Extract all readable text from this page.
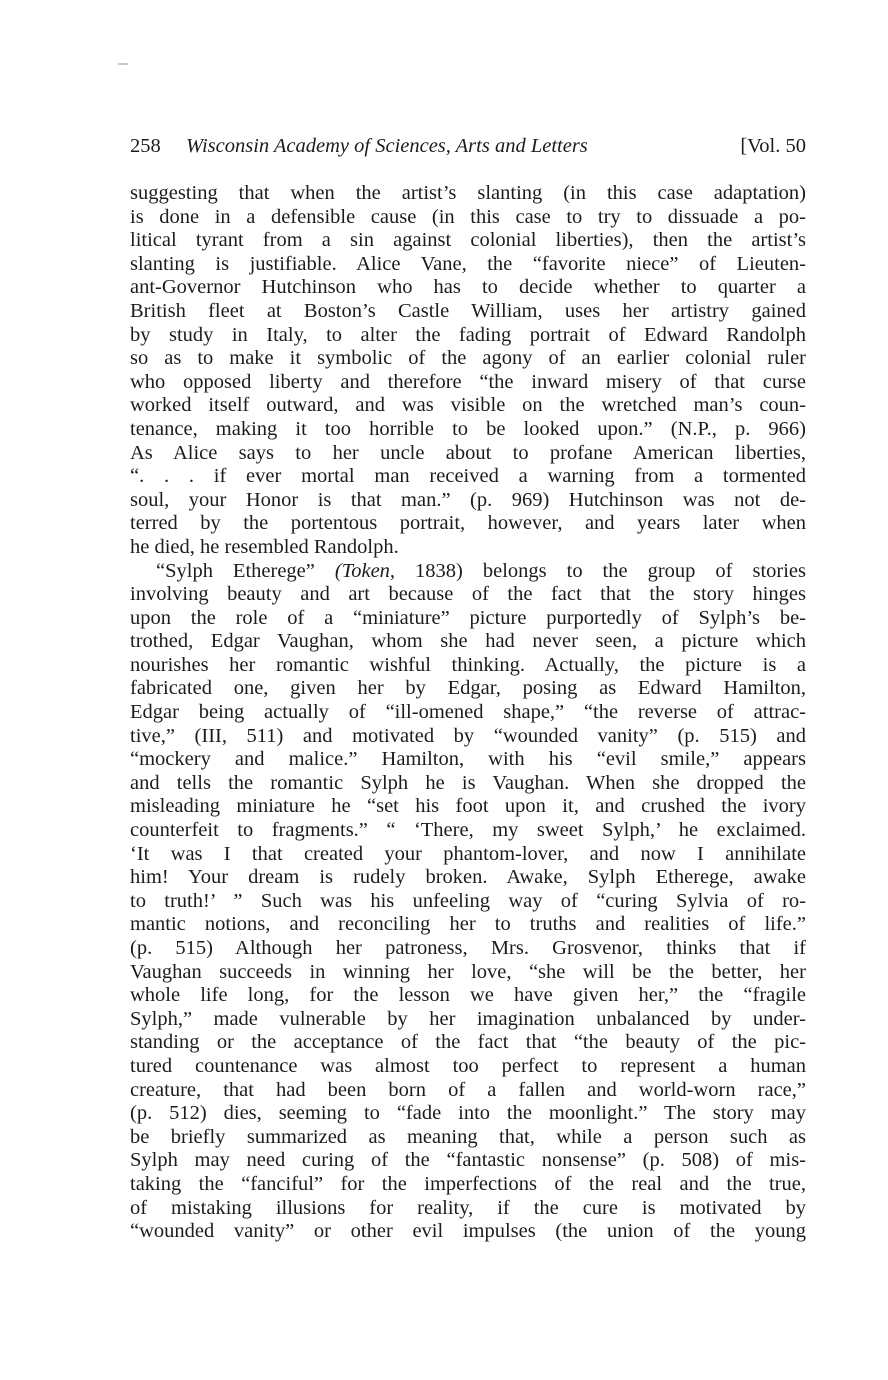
258 Wisconsin Academy of Sciences, Arts and Letters	[Vol. 50
suggesting that when the artist’s slanting (in this case adaptation)
is done in a defensible cause (in this case to try to dissuade a po-
litical tyrant from a sin against colonial liberties), then the artist’s
slanting is justifiable. Alice Vane, the “favorite niece” of Lieuten-
ant-Governor Hutchinson who has to decide whether to quarter a
British fleet at Boston’s Castle William, uses her artistry gained
by study in Italy, to alter the fading portrait of Edward Randolph
so as to make it symbolic of the agony of an earlier colonial ruler
who opposed liberty and therefore “the inward misery of that curse
worked itself outward, and was visible on the wretched man’s coun-
tenance, making it too horrible to be looked upon.” (N.P., p. 966)
As Alice says to her uncle about to profane American liberties,
“. . . if ever mortal man received a warning from a tormented
soul, your Honor is that man.” (p. 969) Hutchinson was not de-
terred by the portentous portrait, however, and years later when
he died, he resembled Randolph.
“Sylph Etherege” (Token, 1838) belongs to the group of stories
involving beauty and art because of the fact that the story hinges
upon the role of a “miniature” picture purportedly of Sylph’s be-
trothed, Edgar Vaughan, whom she had never seen, a picture which
nourishes her romantic wishful thinking. Actually, the picture is a
fabricated one, given her by Edgar, posing as Edward Hamilton,
Edgar being actually of “ill-omened shape,” “the reverse of attrac-
tive,” (III, 511) and motivated by “wounded vanity” (p. 515) and
“mockery and malice.” Hamilton, with his “evil smile,” appears
and tells the romantic Sylph he is Vaughan. When she dropped the
misleading miniature he “set his foot upon it, and crushed the ivory
counterfeit to fragments.” “ ‘There, my sweet Sylph,’ he exclaimed.
‘It was I that created your phantom-lover, and now I annihilate
him! Your dream is rudely broken. Awake, Sylph Etherege, awake
to truth!’ ” Such was his unfeeling way of “curing Sylvia of ro-
mantic notions, and reconciling her to truths and realities of life.”
(p. 515) Although her patroness, Mrs. Grosvenor, thinks that if
Vaughan succeeds in winning her love, “she will be the better, her
whole life long, for the lesson we have given her,” the “fragile
Sylph,” made vulnerable by her imagination unbalanced by under-
standing or the acceptance of the fact that “the beauty of the pic-
tured countenance was almost too perfect to represent a human
creature, that had been born of a fallen and world-worn race,”
(p. 512) dies, seeming to “fade into the moonlight.” The story may
be briefly summarized as meaning that, while a person such as
Sylph may need curing of the “fantastic nonsense” (p. 508) of mis-
taking the “fanciful” for the imperfections of the real and the true,
of mistaking illusions for reality, if the cure is motivated by
“wounded vanity” or other evil impulses (the union of the young
